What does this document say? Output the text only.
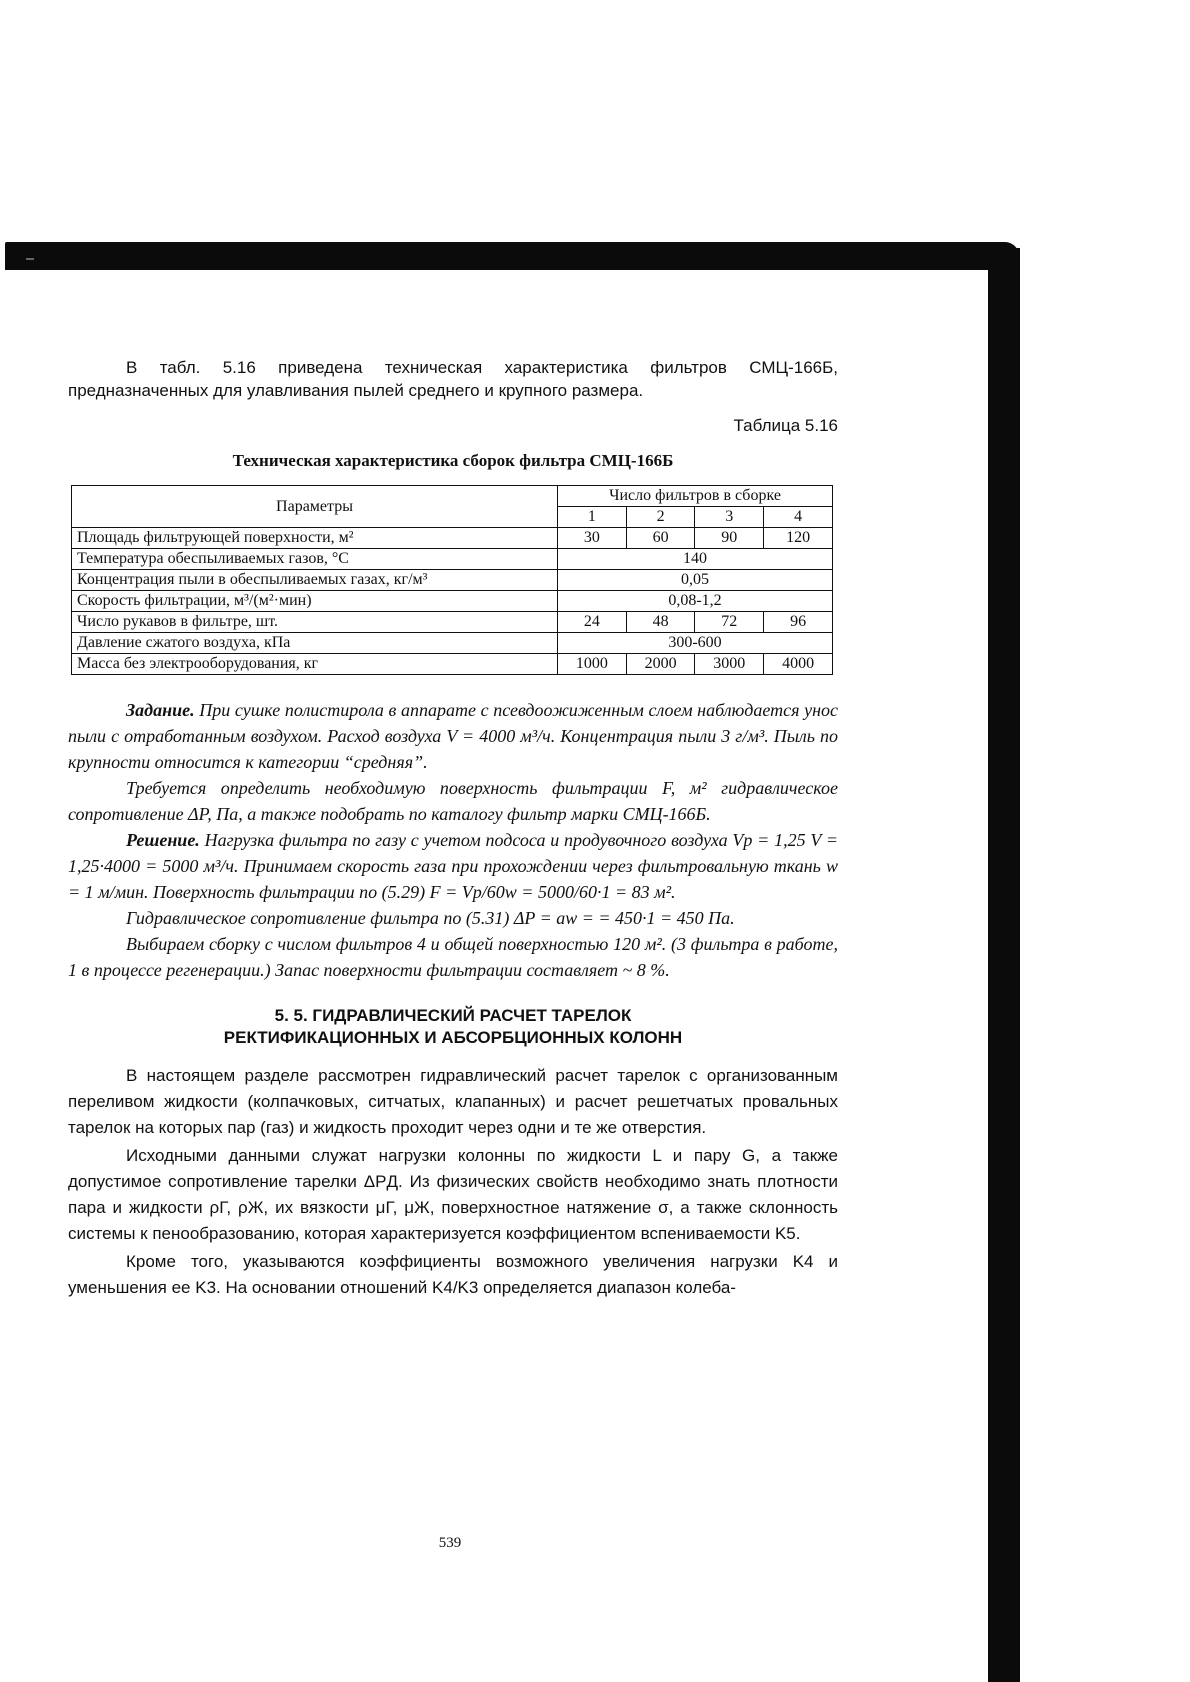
В табл. 5.16 приведена техническая характеристика фильтров СМЦ-166Б, предназначенных для улавливания пылей среднего и крупного размера.

Таблица 5.16
Техническая характеристика сборок фильтра СМЦ-166Б
Параметры	Число фильтров в сборке			
	1	2	3	4
Площадь фильтрующей поверхности, м²	30	60	90	120
Температура обеспыливаемых газов, °C	140			
Концентрация пыли в обеспыливаемых газах, кг/м³	0,05			
Скорость фильтрации, м³/(м²·мин)	0,08-1,2			
Число рукавов в фильтре, шт.	24	48	72	96
Давление сжатого воздуха, кПа	300-600			
Масса без электрооборудования, кг	1000	2000	3000	4000

Задание. При сушке полистирола в аппарате с псевдоожиженным слоем наблюдается унос пыли с отработанным воздухом. Расход воздуха V = 4000 м³/ч. Концентрация пыли 3 г/м³. Пыль по крупности относится к категории “средняя”.

Требуется определить необходимую поверхность фильтрации F, м² гидравлическое сопротивление ΔP, Па, а также подобрать по каталогу фильтр марки СМЦ-166Б.

Решение. Нагрузка фильтра по газу с учетом подсоса и продувочного воздуха Vр = 1,25 V = 1,25·4000 = 5000 м³/ч. Принимаем скорость газа при прохождении через фильтровальную ткань w = 1 м/мин. Поверхность фильтрации по (5.29) F = Vр/60w = 5000/60·1 = 83 м².

Гидравлическое сопротивление фильтра по (5.31) ΔP = aw = = 450·1 = 450 Па.

Выбираем сборку с числом фильтров 4 и общей поверхностью 120 м². (3 фильтра в работе, 1 в процессе регенерации.) Запас поверхности фильтрации составляет ~ 8 %.

5. 5. ГИДРАВЛИЧЕСКИЙ РАСЧЕТ ТАРЕЛОК
РЕКТИФИКАЦИОННЫХ И АБСОРБЦИОННЫХ КОЛОНН

В настоящем разделе рассмотрен гидравлический расчет тарелок с организованным переливом жидкости (колпачковых, ситчатых, клапанных) и расчет решетчатых провальных тарелок на которых пар (газ) и жидкость проходит через одни и те же отверстия.

Исходными данными служат нагрузки колонны по жидкости L и пару G, а также допустимое сопротивление тарелки ΔPД. Из физических свойств необходимо знать плотности пара и жидкости ρГ, ρЖ, их вязкости μГ, μЖ, поверхностное натяжение σ, а также склонность системы к пенообразованию, которая характеризуется коэффициентом вспениваемости K5.

Кроме того, указываются коэффициенты возможного увеличения нагрузки K4 и уменьшения ее K3. На основании отношений K4/K3 определяется диапазон колеба-

539
